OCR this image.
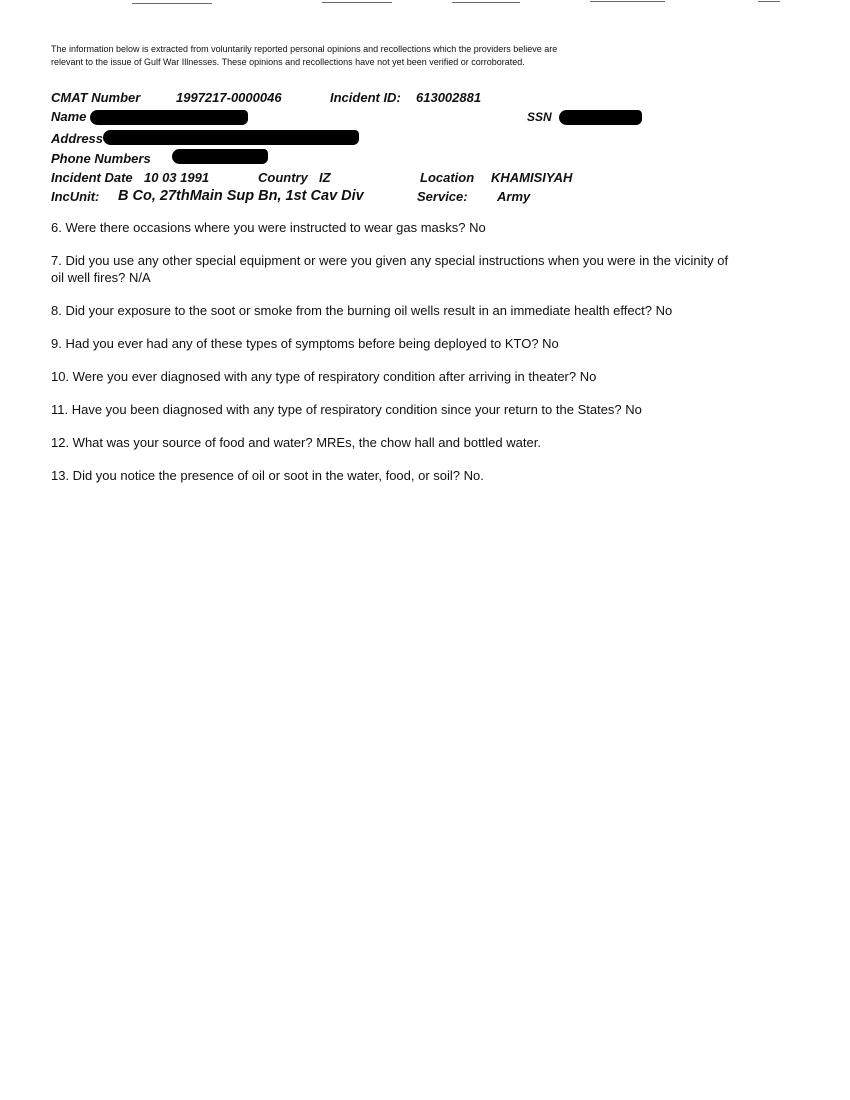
The information below is extracted from voluntarily reported personal opinions and recollections which the providers believe are relevant to the issue of Gulf War Illnesses. These opinions and recollections have not yet been verified or corroborated.
CMAT Number	1997217-0000046	Incident ID: 613002881
Name	SSN
Address
Phone Numbers
Incident Date 10 03 1991	Country IZ	Location KHAMISIYAH
IncUnit: B Co, 27thMain Sup Bn, 1st Cav Div	Service: Army
6. Were there occasions where you were instructed to wear gas masks? No
7. Did you use any other special equipment or were you given any special instructions when you were in the vicinity of oil well fires? N/A
8. Did your exposure to the soot or smoke from the burning oil wells result in an immediate health effect? No
9. Had you ever had any of these types of symptoms before being deployed to KTO? No
10. Were you ever diagnosed with any type of respiratory condition after arriving in theater? No
11. Have you been diagnosed with any type of respiratory condition since your return to the States? No
12. What was your source of food and water? MREs, the chow hall and bottled water.
13. Did you notice the presence of oil or soot in the water, food, or soil? No.
